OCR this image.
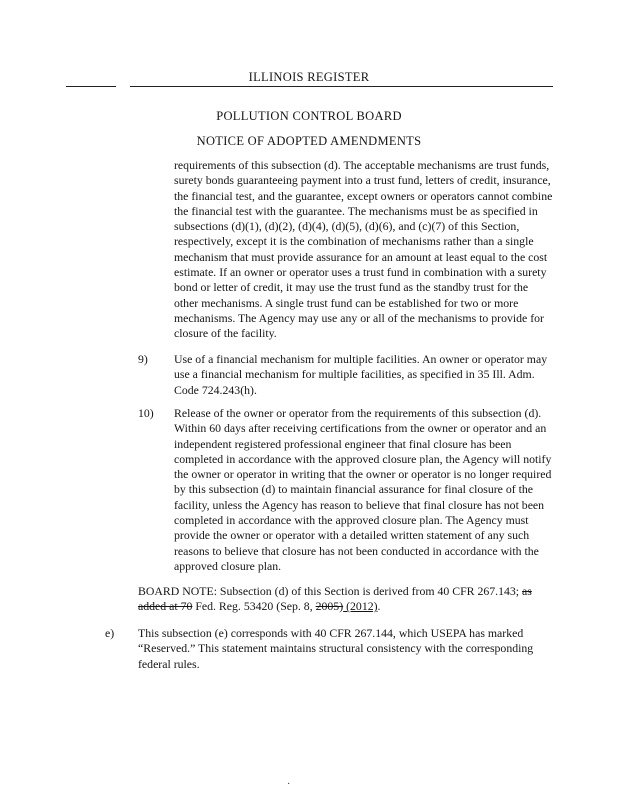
ILLINOIS REGISTER
POLLUTION CONTROL BOARD
NOTICE OF ADOPTED AMENDMENTS
requirements of this subsection (d). The acceptable mechanisms are trust funds, surety bonds guaranteeing payment into a trust fund, letters of credit, insurance, the financial test, and the guarantee, except owners or operators cannot combine the financial test with the guarantee. The mechanisms must be as specified in subsections (d)(1), (d)(2), (d)(4), (d)(5), (d)(6), and (c)(7) of this Section, respectively, except it is the combination of mechanisms rather than a single mechanism that must provide assurance for an amount at least equal to the cost estimate. If an owner or operator uses a trust fund in combination with a surety bond or letter of credit, it may use the trust fund as the standby trust for the other mechanisms. A single trust fund can be established for two or more mechanisms. The Agency may use any or all of the mechanisms to provide for closure of the facility.
9) Use of a financial mechanism for multiple facilities. An owner or operator may use a financial mechanism for multiple facilities, as specified in 35 Ill. Adm. Code 724.243(h).
10) Release of the owner or operator from the requirements of this subsection (d). Within 60 days after receiving certifications from the owner or operator and an independent registered professional engineer that final closure has been completed in accordance with the approved closure plan, the Agency will notify the owner or operator in writing that the owner or operator is no longer required by this subsection (d) to maintain financial assurance for final closure of the facility, unless the Agency has reason to believe that final closure has not been completed in accordance with the approved closure plan. The Agency must provide the owner or operator with a detailed written statement of any such reasons to believe that closure has not been conducted in accordance with the approved closure plan.
BOARD NOTE: Subsection (d) of this Section is derived from 40 CFR 267.143; as added at 70 Fed. Reg. 53420 (Sep. 8, 2005) (2012).
e) This subsection (e) corresponds with 40 CFR 267.144, which USEPA has marked “Reserved.” This statement maintains structural consistency with the corresponding federal rules.
·
